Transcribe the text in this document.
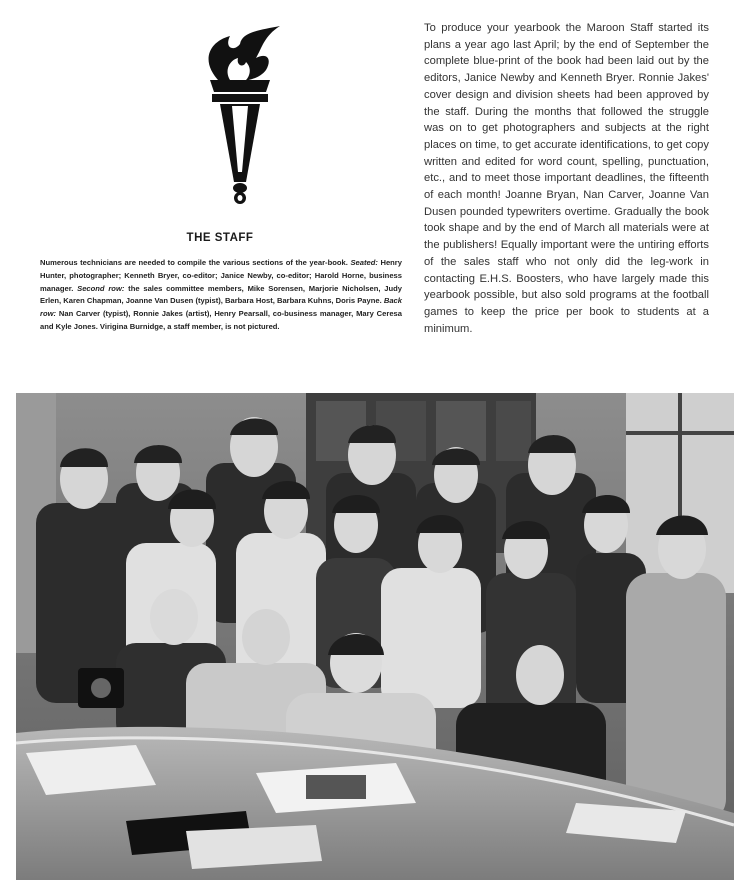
THE STAFF
Numerous technicians are needed to compile the various sections of the year-book. Seated: Henry Hunter, photographer; Kenneth Bryer, co-editor; Janice Newby, co-editor; Harold Horne, business manager. Second row: the sales committee members, Mike Sorensen, Marjorie Nicholsen, Judy Erlen, Karen Chapman, Joanne Van Dusen (typist), Barbara Host, Barbara Kuhns, Doris Payne. Back row: Nan Carver (typist), Ronnie Jakes (artist), Henry Pearsall, co-business manager, Mary Ceresa and Kyle Jones. Virigina Burnidge, a staff member, is not pictured.

To produce your yearbook the Maroon Staff started its plans a year ago last April; by the end of September the complete blue-print of the book had been laid out by the editors, Janice Newby and Kenneth Bryer. Ronnie Jakes' cover design and division sheets had been approved by the staff. During the months that followed the struggle was on to get photographers and subjects at the right places on time, to get accurate identifications, to get copy written and edited for word count, spelling, punctuation, etc., and to meet those important deadlines, the fifteenth of each month! Joanne Bryan, Nan Carver, Joanne Van Dusen pounded typewriters overtime. Gradually the book took shape and by the end of March all materials were at the publishers! Equally important were the untiring efforts of the sales staff who not only did the leg-work in contacting E.H.S. Boosters, who have largely made this yearbook possible, but also sold programs at the football games to keep the price per book to students at a minimum.
